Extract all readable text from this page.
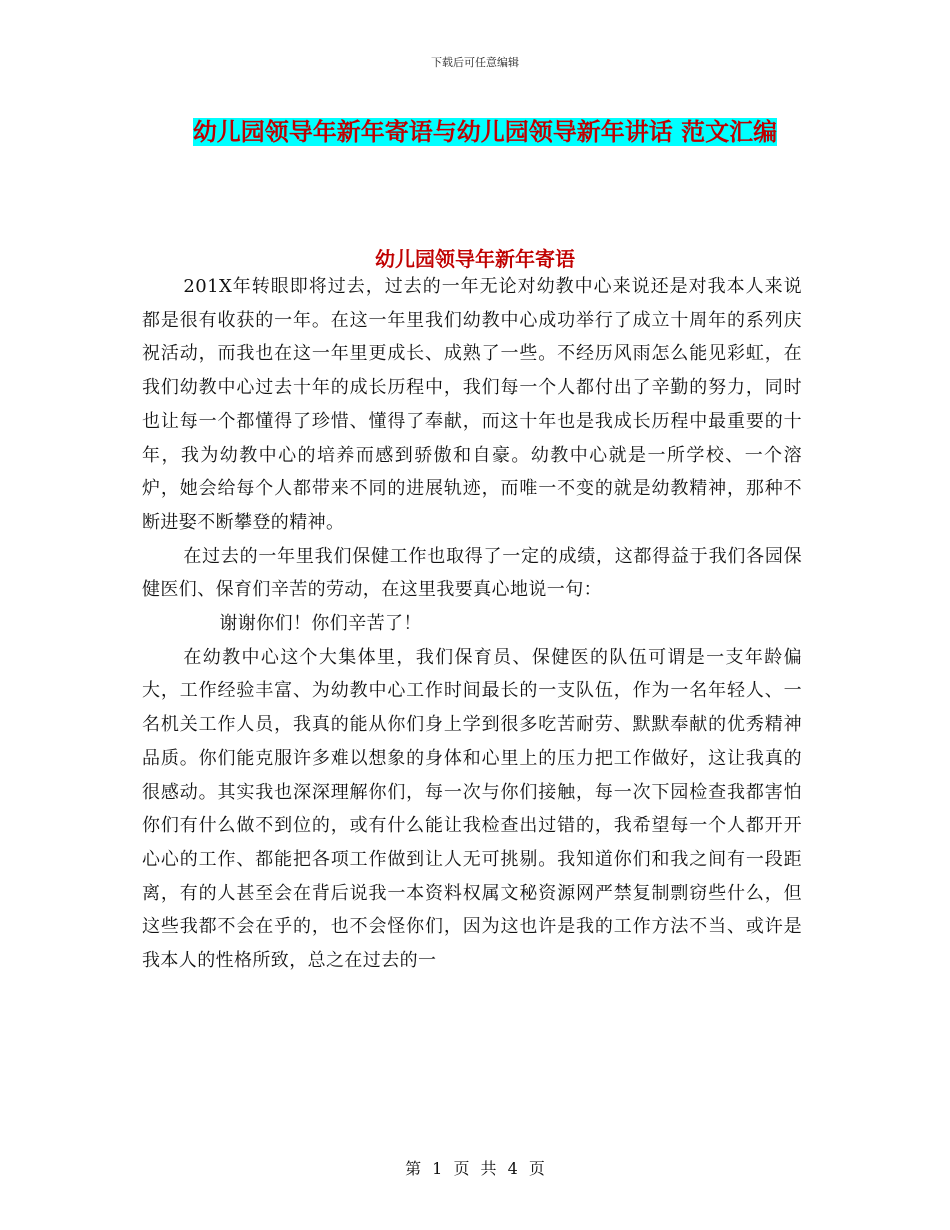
下载后可任意编辑
幼儿园领导年新年寄语与幼儿园领导新年讲话 范文汇编
幼儿园领导年新年寄语

201X年转眼即将过去，过去的一年无论对幼教中心来说还是对我本人来说都是很有收获的一年。在这一年里我们幼教中心成功举行了成立十周年的系列庆祝活动，而我也在这一年里更成长、成熟了一些。不经历风雨怎么能见彩虹，在我们幼教中心过去十年的成长历程中，我们每一个人都付出了辛勤的努力，同时也让每一个都懂得了珍惜、懂得了奉献，而这十年也是我成长历程中最重要的十年，我为幼教中心的培养而感到骄傲和自豪。幼教中心就是一所学校、一个溶炉，她会给每个人都带来不同的进展轨迹，而唯一不变的就是幼教精神，那种不断进娶不断攀登的精神。

在过去的一年里我们保健工作也取得了一定的成绩，这都得益于我们各园保健医们、保育们辛苦的劳动，在这里我要真心地说一句：

谢谢你们！你们辛苦了！

在幼教中心这个大集体里，我们保育员、保健医的队伍可谓是一支年龄偏大，工作经验丰富、为幼教中心工作时间最长的一支队伍，作为一名年轻人、一名机关工作人员，我真的能从你们身上学到很多吃苦耐劳、默默奉献的优秀精神品质。你们能克服许多难以想象的身体和心里上的压力把工作做好，这让我真的很感动。其实我也深深理解你们，每一次与你们接触，每一次下园检查我都害怕你们有什么做不到位的，或有什么能让我检查出过错的，我希望每一个人都开开心心的工作、都能把各项工作做到让人无可挑剔。我知道你们和我之间有一段距离，有的人甚至会在背后说我一本资料权属文秘资源网严禁复制剽窃些什么，但这些我都不会在乎的，也不会怪你们，因为这也许是我的工作方法不当、或许是我本人的性格所致，总之在过去的一

第 1 页 共 4 页
